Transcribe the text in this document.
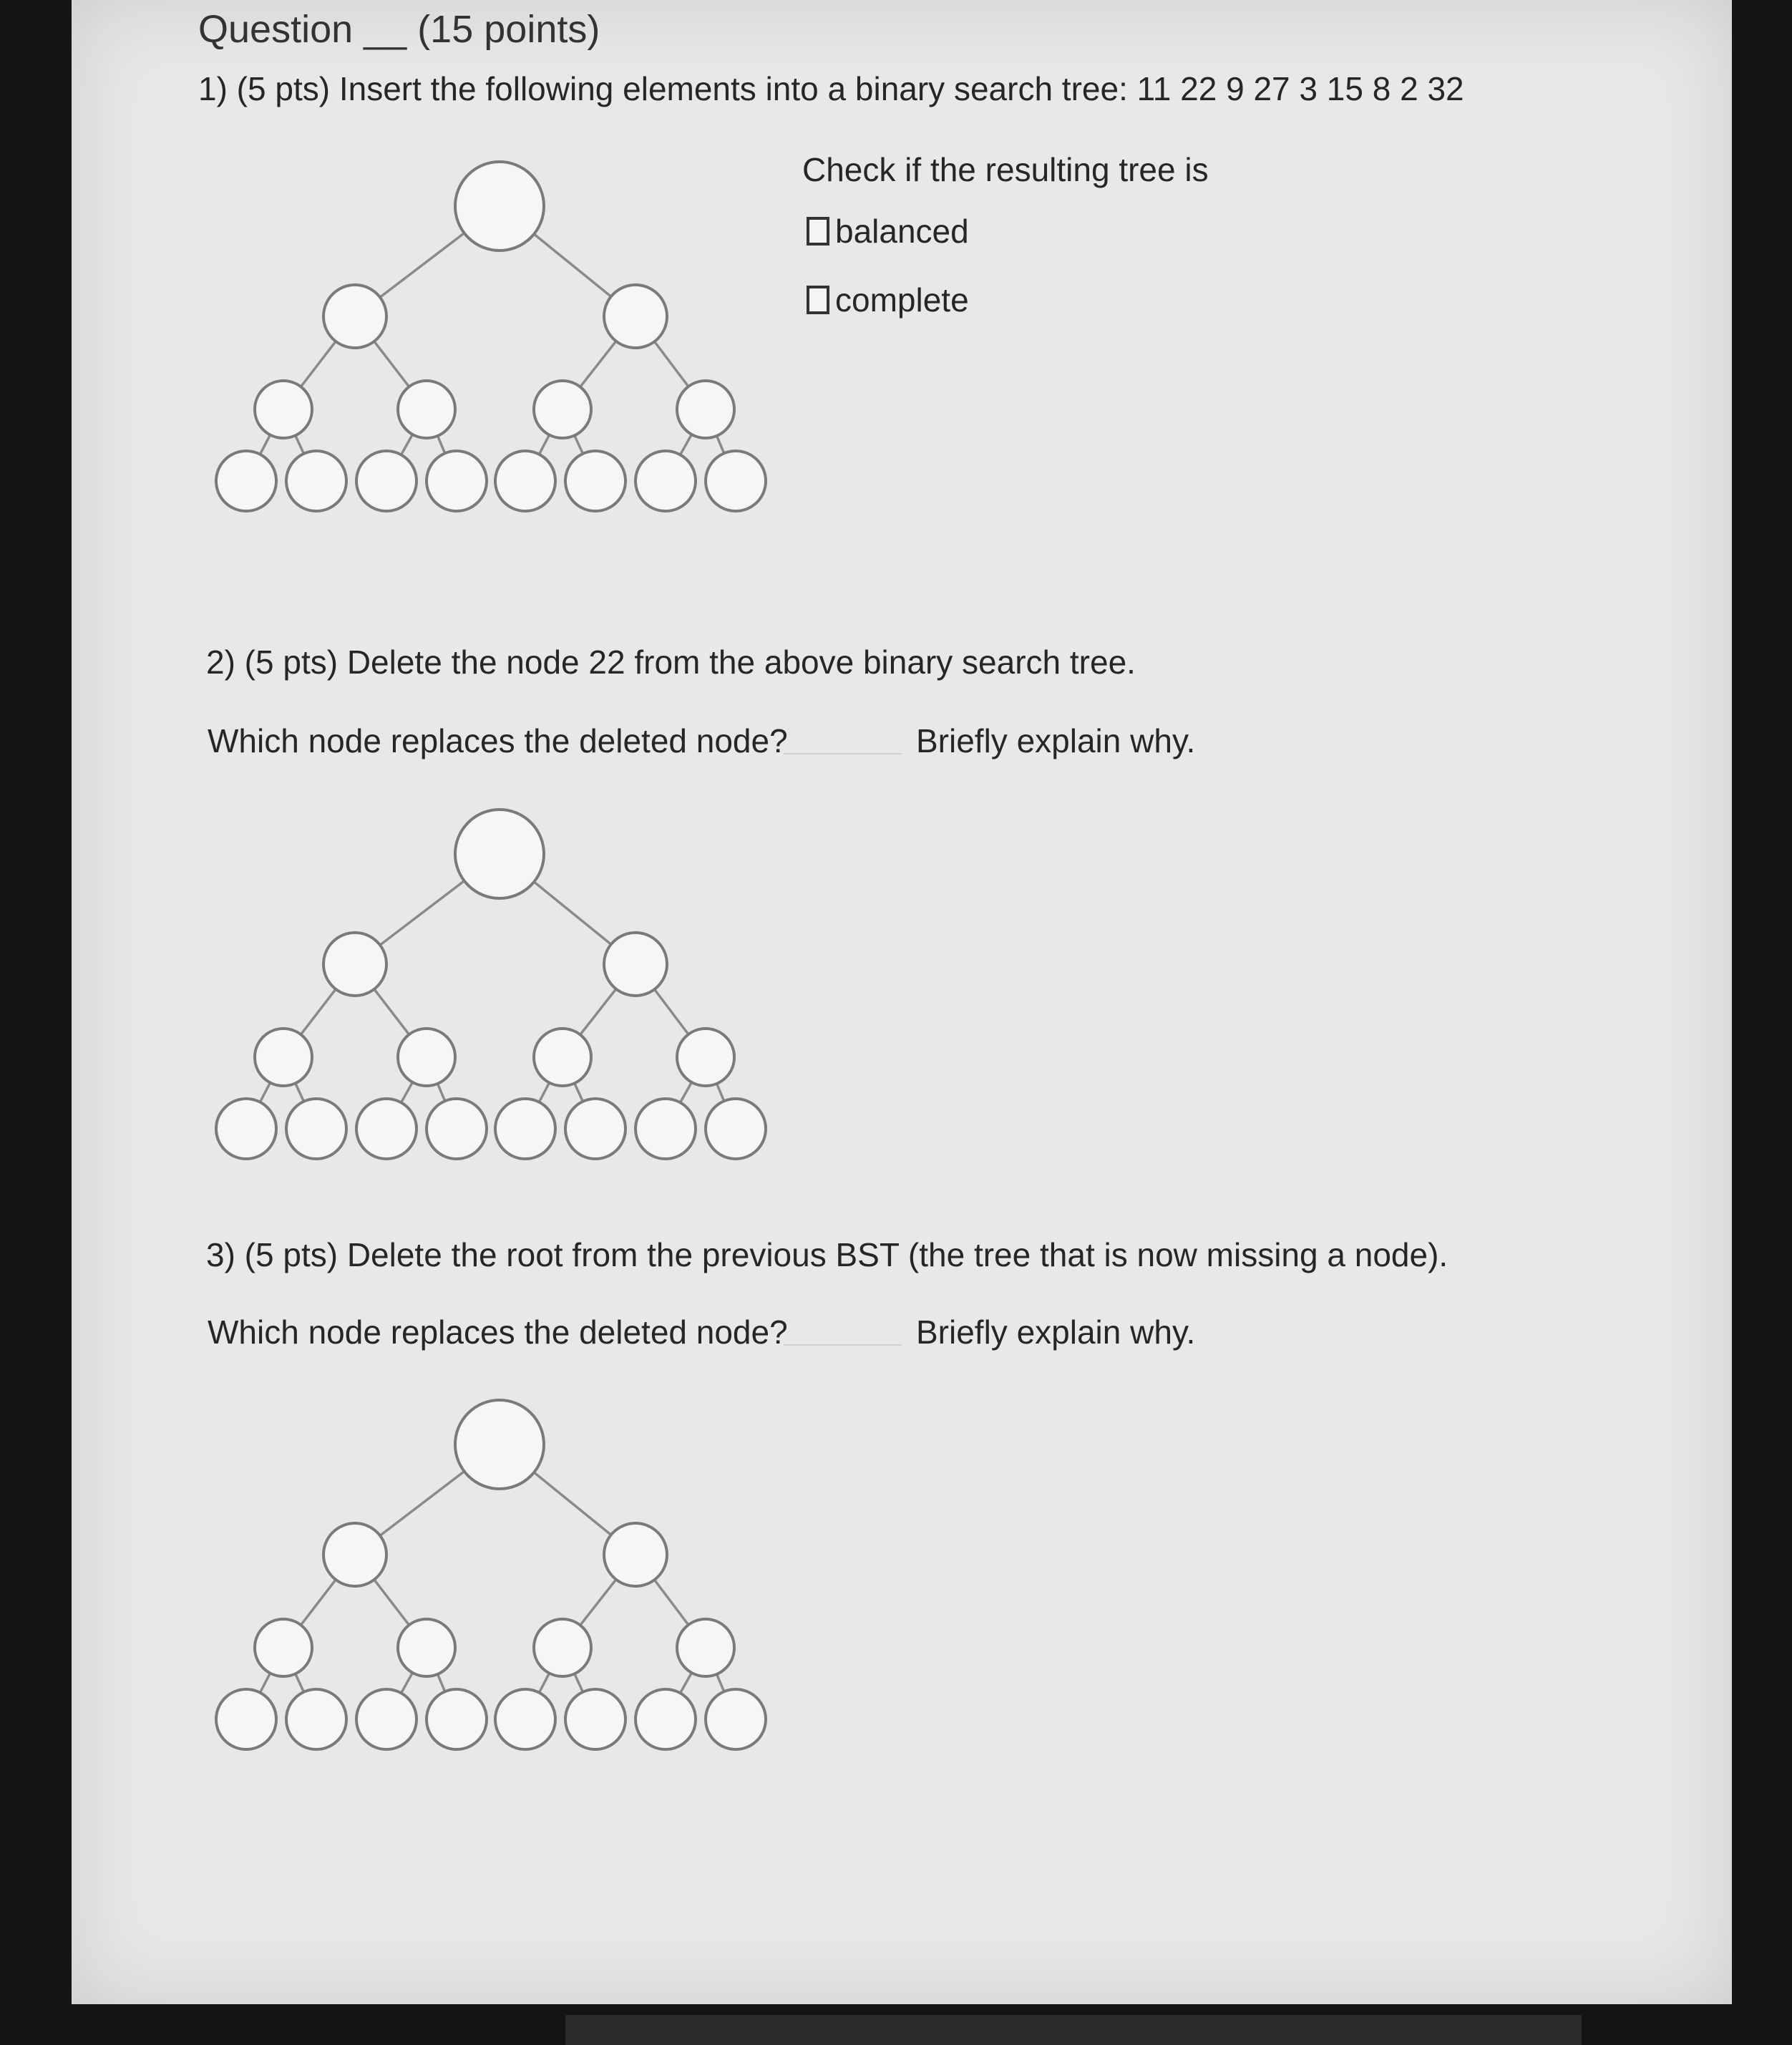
Question __ (15 points)
1) (5 pts) Insert the following elements into a binary search tree: 11 22 9 27 3 15 8 2 32
Check if the resulting tree is
balanced
complete
2) (5 pts) Delete the node 22 from the above binary search tree.
Which node replaces the deleted node?	Briefly explain why.
3) (5 pts) Delete the root from the previous BST (the tree that is now missing a node).
Which node replaces the deleted node?	Briefly explain why.
